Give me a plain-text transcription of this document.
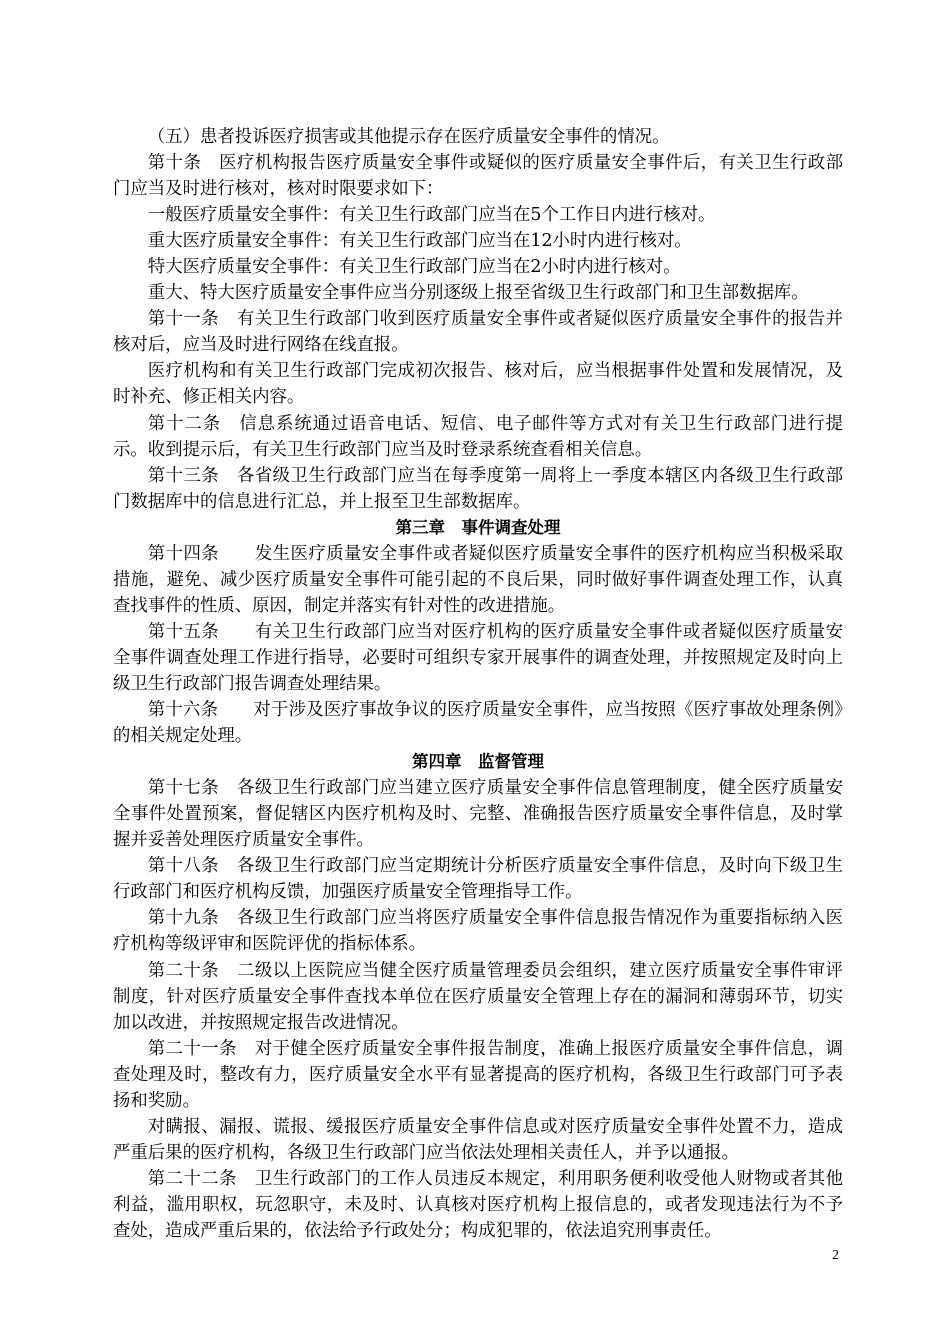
（五）患者投诉医疗损害或其他提示存在医疗质量安全事件的情况。

第十条　医疗机构报告医疗质量安全事件或疑似的医疗质量安全事件后，有关卫生行政部门应当及时进行核对，核对时限要求如下：

一般医疗质量安全事件：有关卫生行政部门应当在5个工作日内进行核对。

重大医疗质量安全事件：有关卫生行政部门应当在12小时内进行核对。

特大医疗质量安全事件：有关卫生行政部门应当在2小时内进行核对。

重大、特大医疗质量安全事件应当分别逐级上报至省级卫生行政部门和卫生部数据库。

第十一条　有关卫生行政部门收到医疗质量安全事件或者疑似医疗质量安全事件的报告并核对后，应当及时进行网络在线直报。

医疗机构和有关卫生行政部门完成初次报告、核对后，应当根据事件处置和发展情况，及时补充、修正相关内容。

第十二条　信息系统通过语音电话、短信、电子邮件等方式对有关卫生行政部门进行提示。收到提示后，有关卫生行政部门应当及时登录系统查看相关信息。

第十三条　各省级卫生行政部门应当在每季度第一周将上一季度本辖区内各级卫生行政部门数据库中的信息进行汇总，并上报至卫生部数据库。

第三章 事件调查处理

第十四条　　发生医疗质量安全事件或者疑似医疗质量安全事件的医疗机构应当积极采取措施，避免、减少医疗质量安全事件可能引起的不良后果，同时做好事件调查处理工作，认真查找事件的性质、原因，制定并落实有针对性的改进措施。

第十五条　　有关卫生行政部门应当对医疗机构的医疗质量安全事件或者疑似医疗质量安全事件调查处理工作进行指导，必要时可组织专家开展事件的调查处理，并按照规定及时向上级卫生行政部门报告调查处理结果。

第十六条　　对于涉及医疗事故争议的医疗质量安全事件，应当按照《医疗事故处理条例》的相关规定处理。

第四章 监督管理

第十七条　各级卫生行政部门应当建立医疗质量安全事件信息管理制度，健全医疗质量安全事件处置预案，督促辖区内医疗机构及时、完整、准确报告医疗质量安全事件信息，及时掌握并妥善处理医疗质量安全事件。

第十八条　各级卫生行政部门应当定期统计分析医疗质量安全事件信息，及时向下级卫生行政部门和医疗机构反馈，加强医疗质量安全管理指导工作。

第十九条　各级卫生行政部门应当将医疗质量安全事件信息报告情况作为重要指标纳入医疗机构等级评审和医院评优的指标体系。

第二十条　二级以上医院应当健全医疗质量管理委员会组织，建立医疗质量安全事件审评制度，针对医疗质量安全事件查找本单位在医疗质量安全管理上存在的漏洞和薄弱环节，切实加以改进，并按照规定报告改进情况。

第二十一条　对于健全医疗质量安全事件报告制度，准确上报医疗质量安全事件信息，调查处理及时，整改有力，医疗质量安全水平有显著提高的医疗机构，各级卫生行政部门可予表扬和奖励。

对瞒报、漏报、谎报、缓报医疗质量安全事件信息或对医疗质量安全事件处置不力，造成严重后果的医疗机构，各级卫生行政部门应当依法处理相关责任人，并予以通报。

第二十二条　卫生行政部门的工作人员违反本规定，利用职务便利收受他人财物或者其他利益，滥用职权，玩忽职守，未及时、认真核对医疗机构上报信息的，或者发现违法行为不予查处，造成严重后果的，依法给予行政处分；构成犯罪的，依法追究刑事责任。

2
